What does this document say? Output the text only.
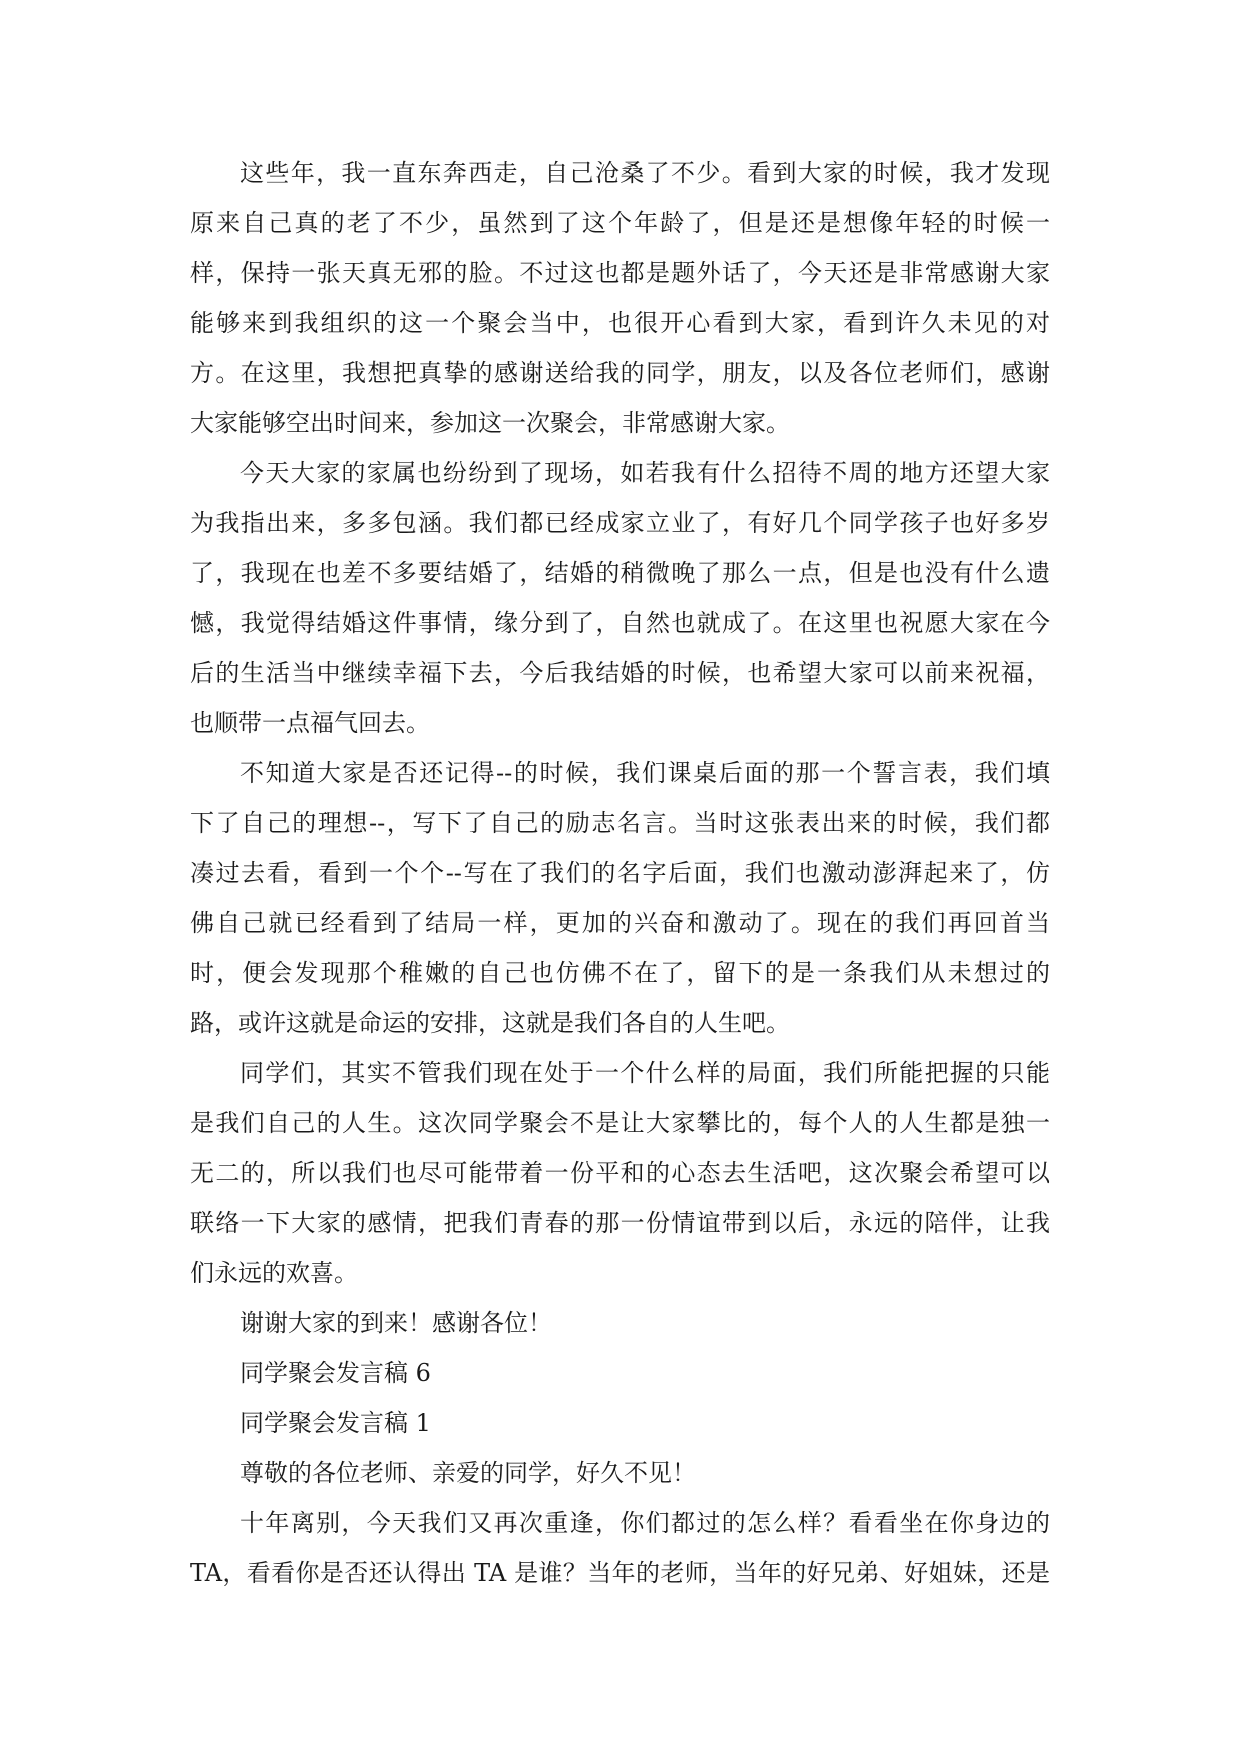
这些年，我一直东奔西走，自己沧桑了不少。看到大家的时候，我才发现

原来自己真的老了不少，虽然到了这个年龄了，但是还是想像年轻的时候一

样，保持一张天真无邪的脸。不过这也都是题外话了，今天还是非常感谢大家

能够来到我组织的这一个聚会当中，也很开心看到大家，看到许久未见的对

方。在这里，我想把真挚的感谢送给我的同学，朋友，以及各位老师们，感谢

大家能够空出时间来，参加这一次聚会，非常感谢大家。

今天大家的家属也纷纷到了现场，如若我有什么招待不周的地方还望大家

为我指出来，多多包涵。我们都已经成家立业了，有好几个同学孩子也好多岁

了，我现在也差不多要结婚了，结婚的稍微晚了那么一点，但是也没有什么遗

憾，我觉得结婚这件事情，缘分到了，自然也就成了。在这里也祝愿大家在今

后的生活当中继续幸福下去，今后我结婚的时候，也希望大家可以前来祝福，

也顺带一点福气回去。

不知道大家是否还记得--的时候，我们课桌后面的那一个誓言表，我们填

下了自己的理想--，写下了自己的励志名言。当时这张表出来的时候，我们都

凑过去看，看到一个个--写在了我们的名字后面，我们也激动澎湃起来了，仿

佛自己就已经看到了结局一样，更加的兴奋和激动了。现在的我们再回首当

时，便会发现那个稚嫩的自己也仿佛不在了，留下的是一条我们从未想过的

路，或许这就是命运的安排，这就是我们各自的人生吧。

同学们，其实不管我们现在处于一个什么样的局面，我们所能把握的只能

是我们自己的人生。这次同学聚会不是让大家攀比的，每个人的人生都是独一

无二的，所以我们也尽可能带着一份平和的心态去生活吧，这次聚会希望可以

联络一下大家的感情，把我们青春的那一份情谊带到以后，永远的陪伴，让我

们永远的欢喜。

谢谢大家的到来！感谢各位！

同学聚会发言稿 6

同学聚会发言稿 1

尊敬的各位老师、亲爱的同学，好久不见！

十年离别，今天我们又再次重逢，你们都过的怎么样？看看坐在你身边的

TA，看看你是否还认得出 TA 是谁？当年的老师，当年的好兄弟、好姐妹，还是
